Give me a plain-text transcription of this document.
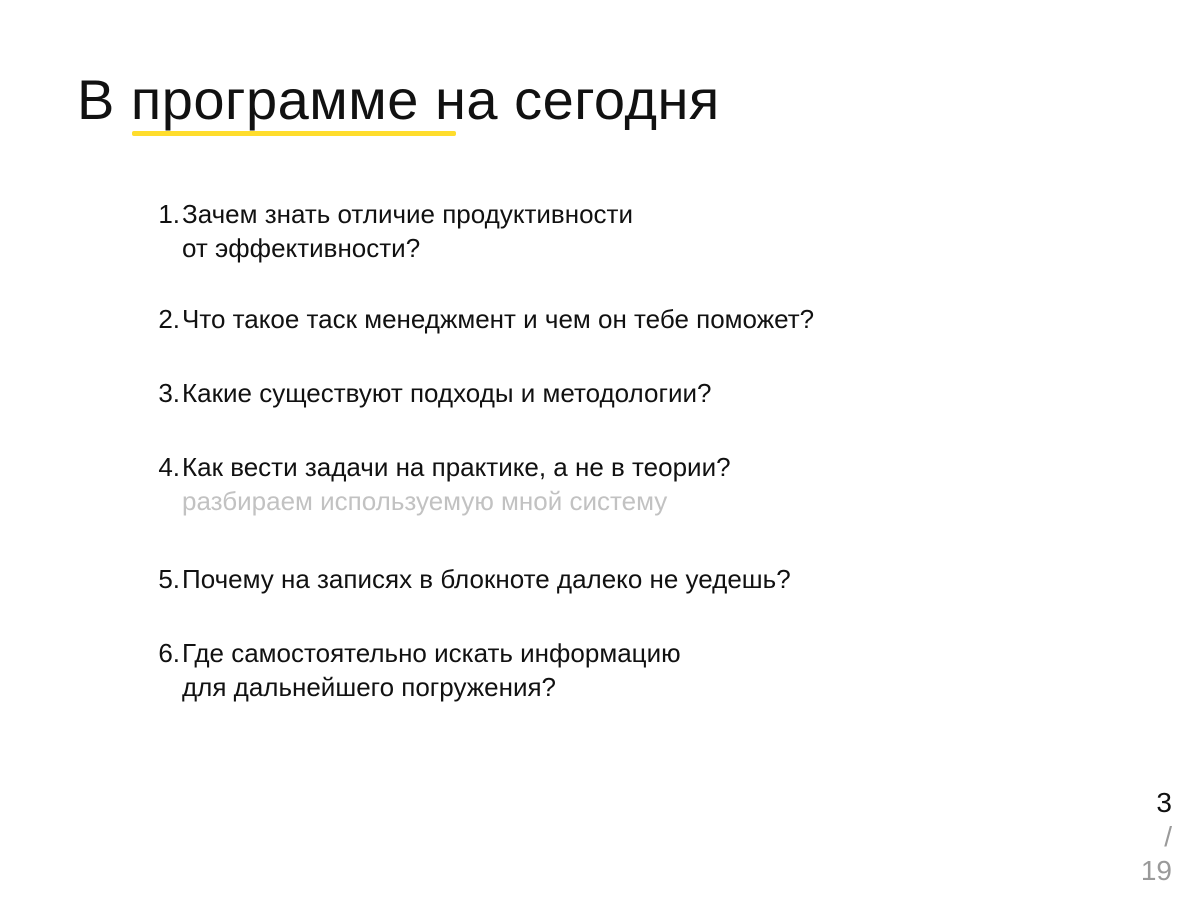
В программе на сегодня
1. Зачем знать отличие продуктивности
от эффективности?
2. Что такое таск менеджмент и чем он тебе поможет?
3. Какие существуют подходы и методологии?
4. Как вести задачи на практике, а не в теории?
разбираем используемую мной систему
5. Почему на записях в блокноте далеко не уедешь?
6. Где самостоятельно искать информацию
для дальнейшего погружения?
3
/
19
